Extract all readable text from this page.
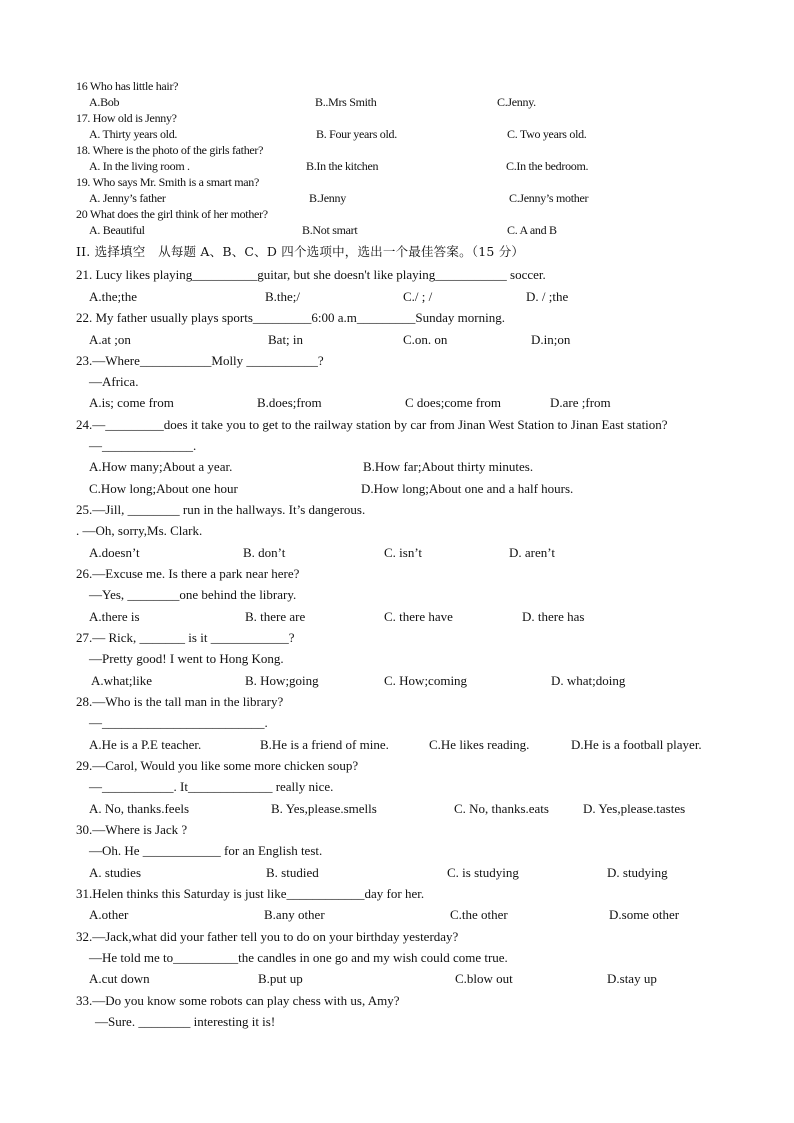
16 Who has little hair?
A.Bob	B..Mrs Smith	C.Jenny.
17. How old is Jenny?
A. Thirty years old.	B. Four years old.	C. Two years old.
18. Where is the photo of the girls father?
A. In the living room .	B.In the kitchen	C.In the bedroom.
19. Who says Mr. Smith is a smart man?
A. Jenny’s father	B.Jenny	C.Jenny’s mother
20 What does the girl think of her mother?
A. Beautiful	B.Not smart	C. A and B
II. 选择填空　从每题 A、B、C、D 四个选项中，选出一个最佳答案。（15 分）
21. Lucy likes playing__________guitar, but she doesn't like playing___________ soccer.
A.the;the	B.the;/	C./ ; /	D. / ;the
22. My father usually plays sports_________6:00 a.m_________Sunday morning.
A.at ;on	Bat; in	C.on. on	D.in;on
23.—Where___________Molly ___________?
—Africa.
A.is; come from	B.does;from	C does;come from	D.are ;from
24.—_________does it take you to get to the railway station by car from Jinan West Station to Jinan East station?
—______________.
A.How many;About a year.	B.How far;About thirty minutes.
C.How long;About one hour	D.How long;About one and a half hours.
25.—Jill, ________ run in the hallways. It’s dangerous.
. —Oh, sorry,Ms. Clark.
A.doesn’t	B. don’t	C. isn’t	D. aren’t
26.—Excuse me. Is there a park near here?
—Yes, ________one behind the library.
A.there is	B. there are	C. there have	D. there has
27.— Rick, _______ is it ____________?
—Pretty good! I went to Hong Kong.
A.what;like	B. How;going	C. How;coming	D. what;doing
28.—Who is the tall man in the library?
—_________________________.
A.He is a P.E teacher.	B.He is a friend of mine.	C.He likes reading.	D.He is a football player.
29.—Carol, Would you like some more chicken soup?
—___________. It_____________ really nice.
A. No, thanks.feels	B. Yes,please.smells	C. No, thanks.eats	D. Yes,please.tastes
30.—Where is Jack ?
—Oh. He ____________ for an English test.
A. studies	B. studied	C. is studying	D. studying
31.Helen thinks this Saturday is just like____________day for her.
A.other	B.any other	C.the other	D.some other
32.—Jack,what did your father tell you to do on your birthday yesterday?
—He told me to__________the candles in one go and my wish could come true.
A.cut down	B.put up	C.blow out	D.stay up
33.—Do you know some robots can play chess with us, Amy?
—Sure. ________ interesting it is!
